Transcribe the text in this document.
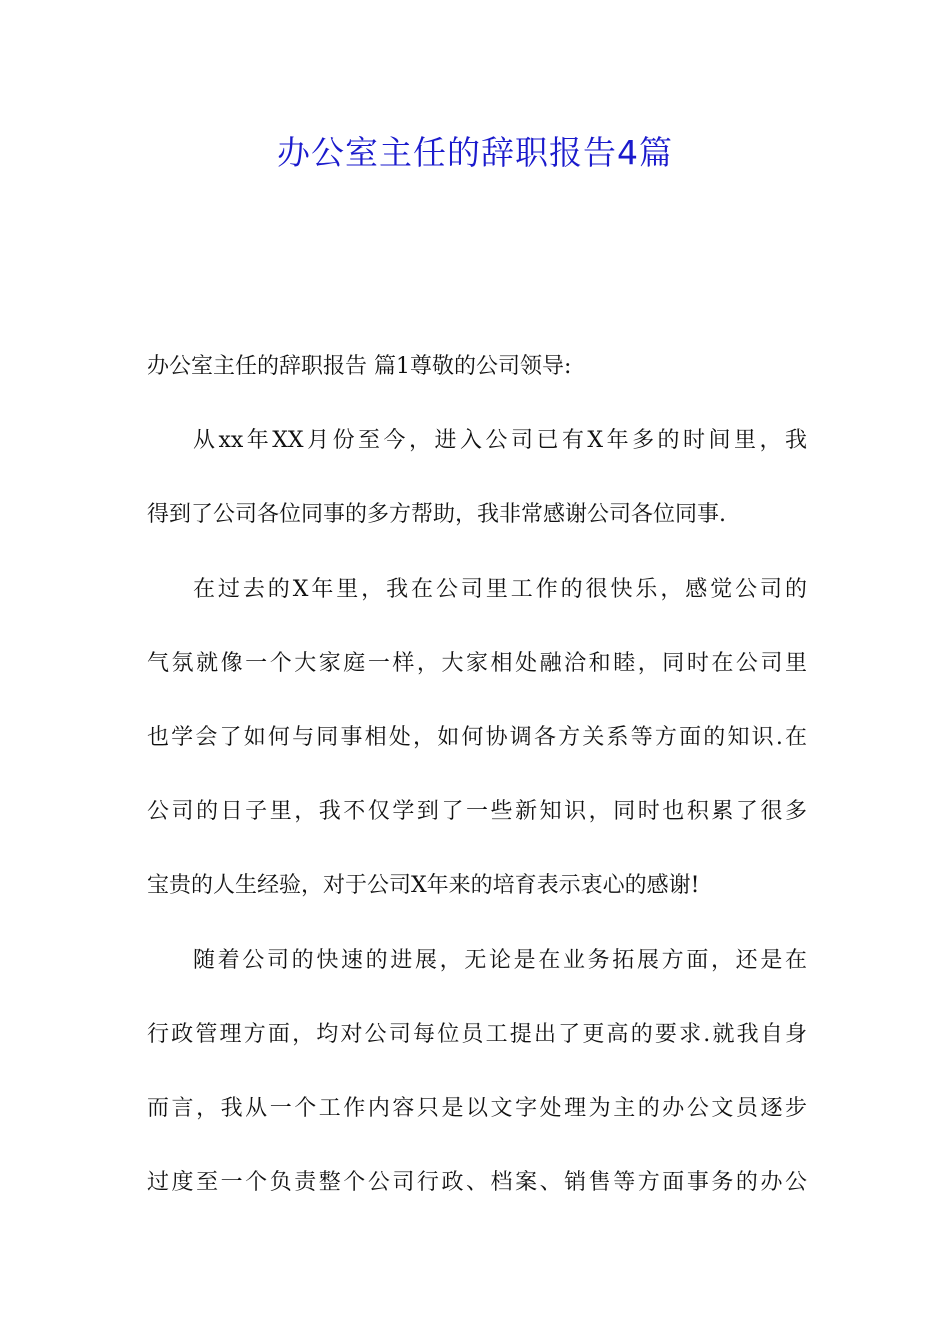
办公室主任的辞职报告4篇
办公室主任的辞职报告 篇1尊敬的公司领导:
从xx年XX月份至今，进入公司已有X年多的时间里，我
得到了公司各位同事的多方帮助，我非常感谢公司各位同事.
在过去的X年里，我在公司里工作的很快乐，感觉公司的
气氛就像一个大家庭一样，大家相处融洽和睦，同时在公司里
也学会了如何与同事相处，如何协调各方关系等方面的知识.在
公司的日子里，我不仅学到了一些新知识，同时也积累了很多
宝贵的人生经验，对于公司X年来的培育表示衷心的感谢!
随着公司的快速的进展，无论是在业务拓展方面，还是在
行政管理方面，均对公司每位员工提出了更高的要求.就我自身
而言，我从一个工作内容只是以文字处理为主的办公文员逐步
过度至一个负责整个公司行政、档案、销售等方面事务的办公
